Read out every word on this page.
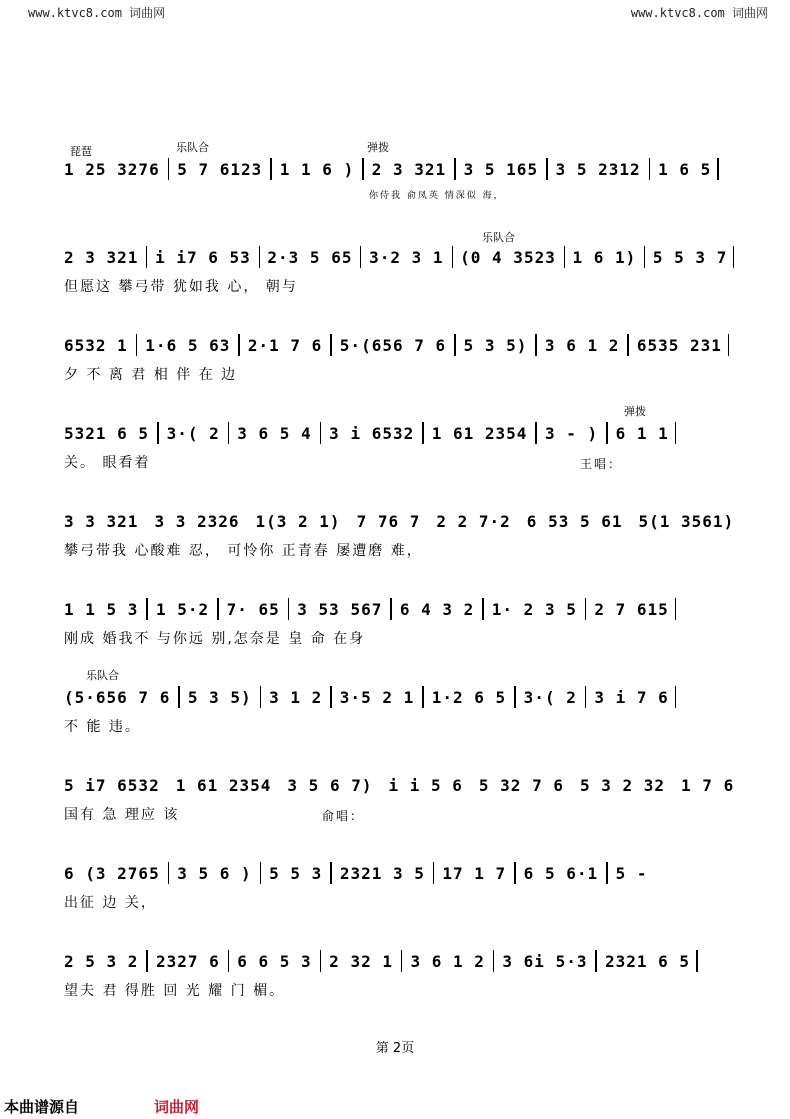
www.ktvc8.com 词曲网	www.ktvc8.com 词曲网
琵琶	乐队合	弹拨
1 25 3276 5 7 6123 1 1 6 ) 2 3 321 3 5 165 3 5 2312 1 6 5
你侍我 俞凤英 情深似 海，
乐队合
2 3 321 i i7 6 53 2·3 5 65 3·2 3 1 (0 4 3523 1 6 1) 5 5 3 7
但愿这 攀弓带 犹如我 心， 朝与
6532 1 1·6 5 63 2·1 7 6 5·(656 7 6 5 3 5) 3 6 1 2 6535 231
夕 不 离 君 相 伴 在 边
弹拨
5321 6 5 3·( 2 3 6 5 4 3 i 6532 1 61 2354 3 - ) 6 1 1
关。 眼看着	王唱：
3 3 321 3 3 2326 1(3 2 1) 7 76 7 2 2 7·2 6 53 5 61 5(1 3561)
攀弓带我 心酸难 忍， 可怜你 正青春 屡遭磨 难，
1 1 5 3 1 5·2 7· 65 3 53 567 6 4 3 2 1· 2 3 5 2 7 615
刚成 婚我不 与你远 别,怎奈是 皇 命 在身
乐队合
(5·656 7 6 5 3 5) 3 1 2 3·5 2 1 1·2 6 5 3·( 2 3 i 7 6
不 能 违。
5 i7 6532 1 61 2354 3 5 6 7) i i 5 6 5 32 7 6 5 3 2 32 1 7 6
国有 急 理应 该	俞唱：
6 (3 2765 3 5 6 ) 5 5 3 2321 3 5 17 1 7 6 5 6·1 5 -
出征 边 关，
2 5 3 2 2327 6 6 6 5 3 2 32 1 3 6 1 2 3 6i 5·3 2321 6 5
望夫 君 得胜 回 光 耀 门 楣。
第 2页
本曲谱源自	词曲网
